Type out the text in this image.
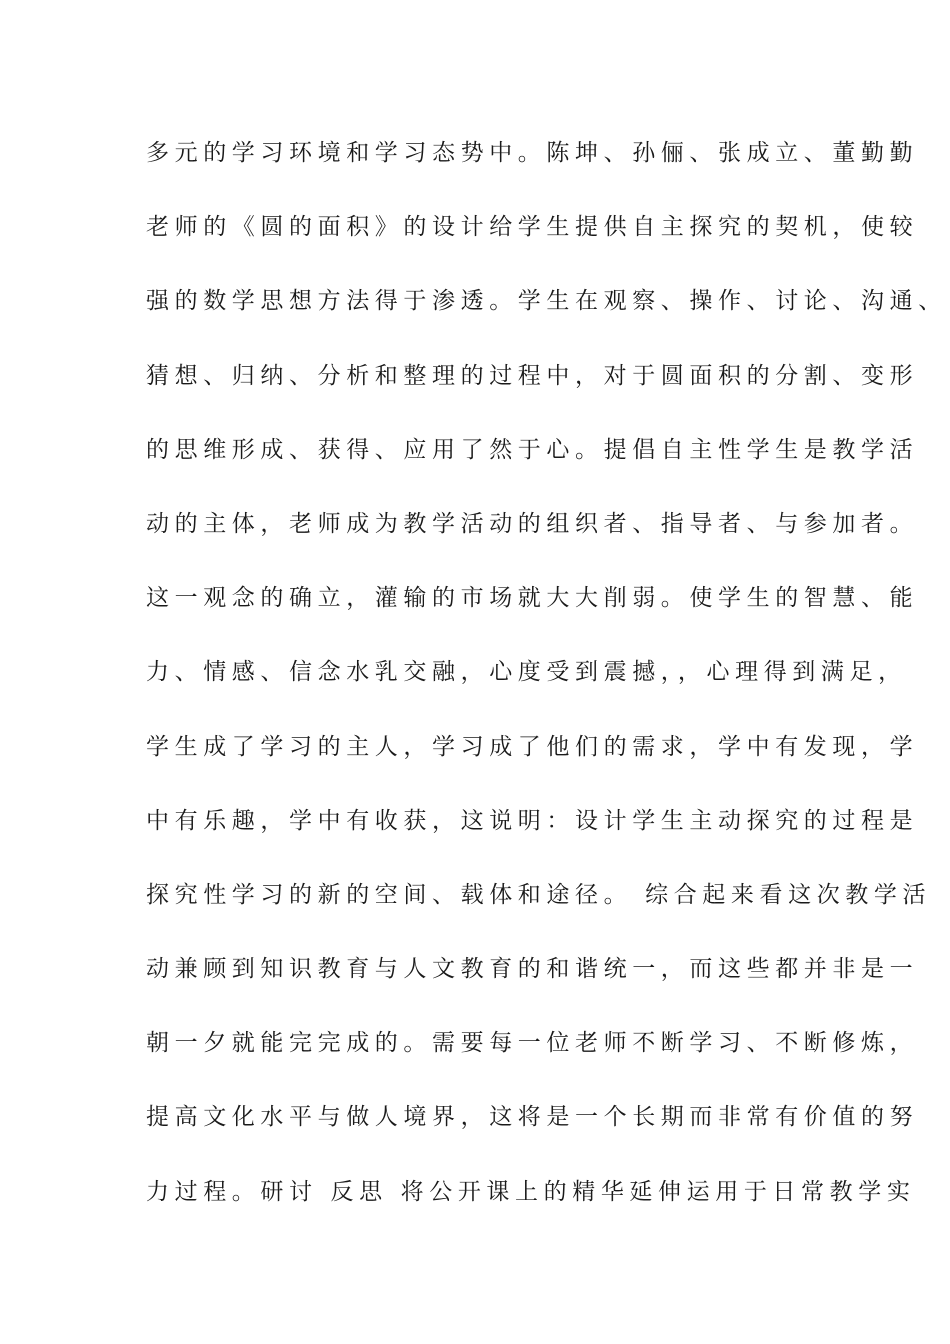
多元的学习环境和学习态势中。陈坤、孙俪、张成立、董勤勤

老师的《圆的面积》的设计给学生提供自主探究的契机，使较

强的数学思想方法得于渗透。学生在观察、操作、讨论、沟通、

猜想、归纳、分析和整理的过程中，对于圆面积的分割、变形

的思维形成、获得、应用了然于心。提倡自主性学生是教学活

动的主体，老师成为教学活动的组织者、指导者、与参加者。

这一观念的确立，灌输的市场就大大削弱。使学生的智慧、能

力、情感、信念水乳交融，心度受到震撼，，心理得到满足，

学生成了学习的主人，学习成了他们的需求，学中有发现，学

中有乐趣，学中有收获，这说明：设计学生主动探究的过程是

探究性学习的新的空间、载体和途径。 综合起来看这次教学活

动兼顾到知识教育与人文教育的和谐统一，而这些都并非是一

朝一夕就能完完成的。需要每一位老师不断学习、不断修炼，

提高文化水平与做人境界，这将是一个长期而非常有价值的努

力过程。研讨 反思 将公开课上的精华延伸运用于日常教学实
